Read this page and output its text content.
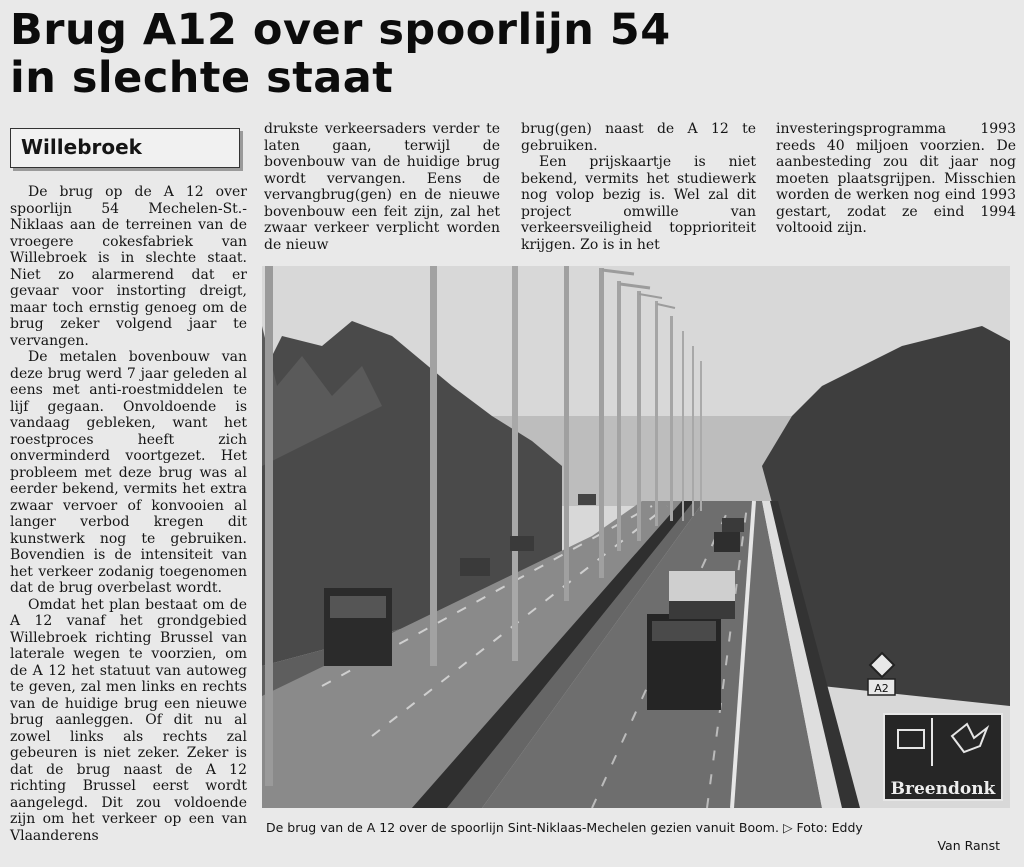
Brug A12 over spoorlijn 54
in slechte staat
Willebroek

De brug op de A 12 over spoorlijn 54 Mechelen-St.-Niklaas aan de terreinen van de vroegere cokesfabriek van Willebroek is in slechte staat. Niet zo alarmerend dat er gevaar voor instorting dreigt, maar toch ernstig genoeg om de brug zeker volgend jaar te vervangen.

De metalen bovenbouw van deze brug werd 7 jaar geleden al eens met anti-roestmiddelen te lijf gegaan. Onvoldoende is vandaag gebleken, want het roestproces heeft zich onverminderd voortgezet. Het probleem met deze brug was al eerder bekend, vermits het extra zwaar vervoer of konvooien al langer verbod kregen dit kunstwerk nog te gebruiken. Bovendien is de intensiteit van het verkeer zodanig toegenomen dat de brug overbelast wordt.

Omdat het plan bestaat om de A 12 vanaf het grondgebied Willebroek richting Brussel van laterale wegen te voorzien, om de A 12 het statuut van autoweg te geven, zal men links en rechts van de huidige brug een nieuwe brug aanleggen. Of dit nu al zowel links als rechts zal gebeuren is niet zeker. Zeker is dat de brug naast de A 12 richting Brussel eerst wordt aangelegd. Dit zou voldoende zijn om het verkeer op een van Vlaanderens

drukste verkeersaders verder te laten gaan, terwijl de bovenbouw van de huidige brug wordt vervangen. Eens de vervangbrug(gen) en de nieuwe bovenbouw een feit zijn, zal het zwaar verkeer verplicht worden de nieuw

brug(gen) naast de A 12 te gebruiken.

Een prijskaartje is niet bekend, vermits het studiewerk nog volop bezig is. Wel zal dit project omwille van verkeersveiligheid topprioriteit krijgen. Zo is in het

investeringsprogramma 1993 reeds 40 miljoen voorzien. De aanbesteding zou dit jaar nog moeten plaatsgrijpen. Misschien worden de werken nog eind 1993 gestart, zodat ze eind 1994 voltooid zijn.

A2
Breendonk
De brug van de A 12 over de spoorlijn Sint-Niklaas-Mechelen gezien vanuit Boom. ▷ Foto: Eddy
Van Ranst
